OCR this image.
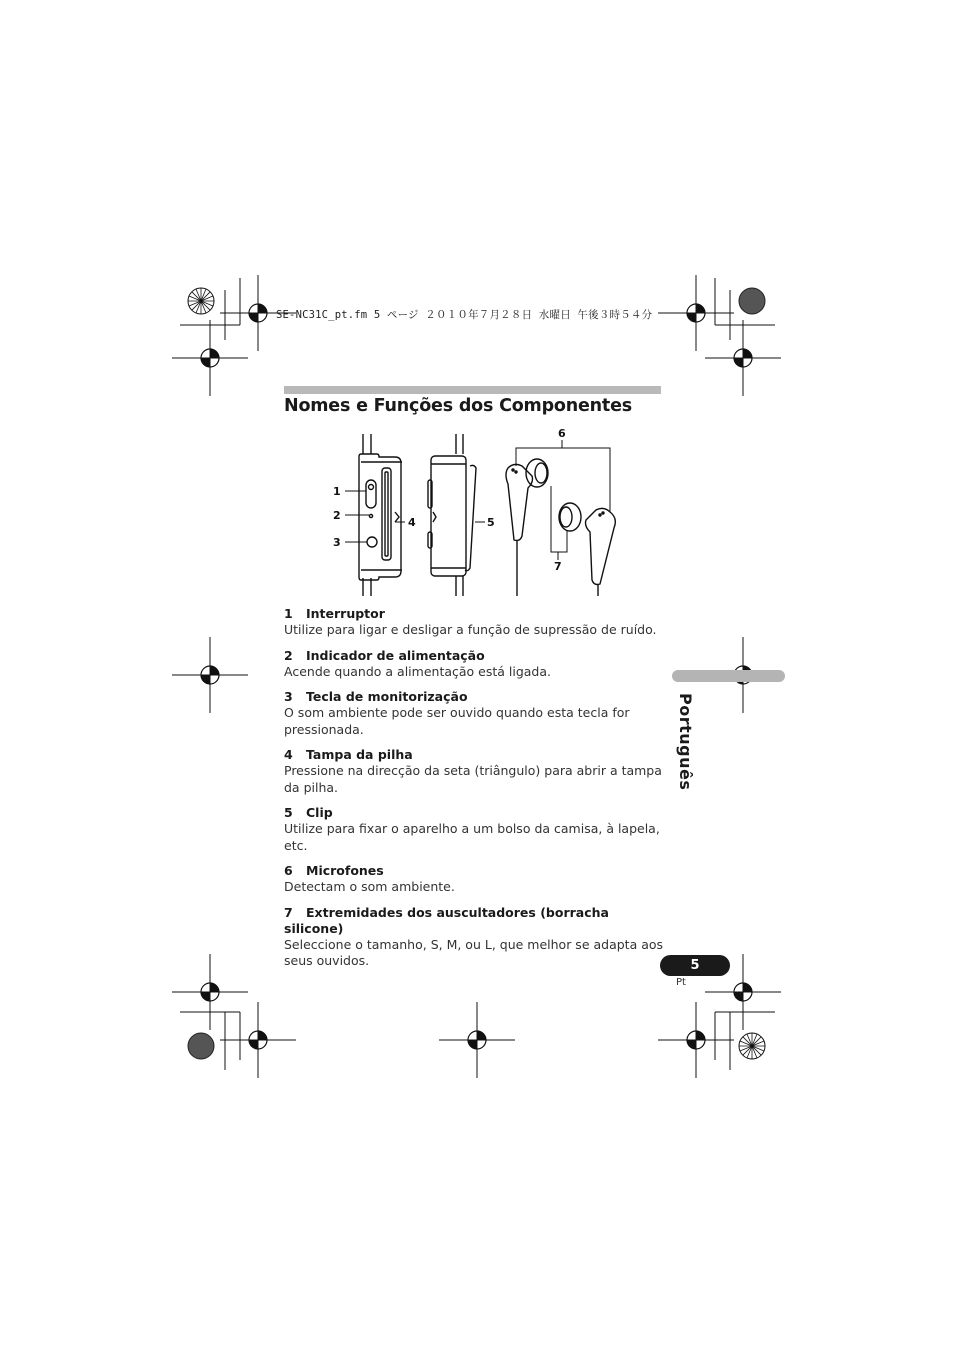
SE-NC31C_pt.fm 5 ページ ２０１０年７月２８日 水曜日 午後３時５４分
Nomes e Funções dos Componentes
1
2
3
4	5
6
7
1 Interruptor
Utilize para ligar e desligar a função de supressão de ruído.
2 Indicador de alimentação
Acende quando a alimentação está ligada.
3 Tecla de monitorização
O som ambiente pode ser ouvido quando esta tecla for pressionada.
4 Tampa da pilha
Pressione na direcção da seta (triângulo) para abrir a tampa da pilha.
5 Clip
Utilize para fixar o aparelho a um bolso da camisa, à lapela, etc.
6 Microfones
Detectam o som ambiente.
7 Extremidades dos auscultadores (borracha silicone)
Seleccione o tamanho, S, M, ou L, que melhor se adapta aos seus ouvidos.
Português
5
Pt
